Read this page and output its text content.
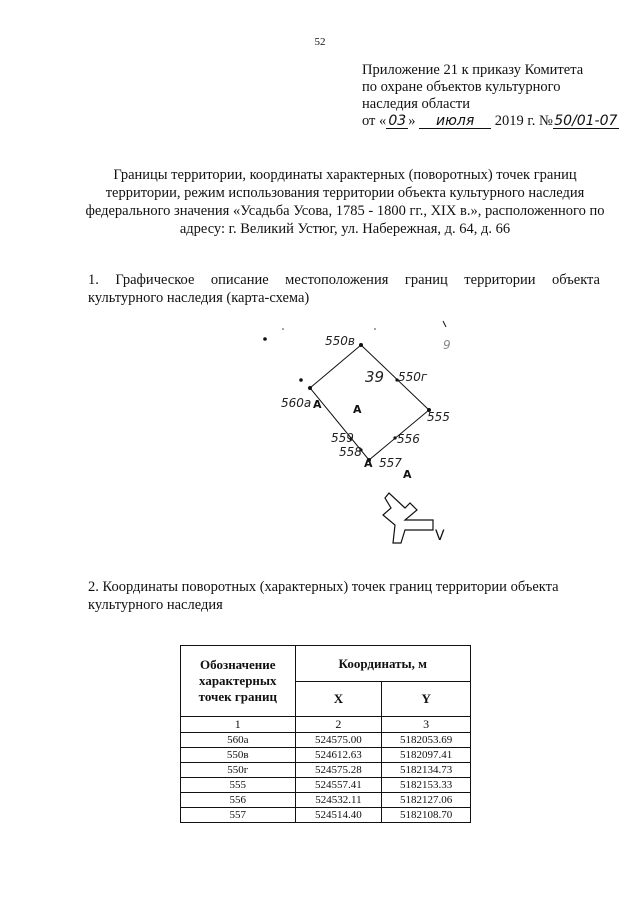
52
Приложение 21 к приказу Комитета
по охране объектов культурного
наследия области
от « 03 » июля 2019 г. №50/01-07
Границы территории, координаты характерных (поворотных) точек границ территории, режим использования территории объекта культурного наследия федерального значения «Усадьба Усова, 1785 - 1800 гг., XIX в.», расположенного по адресу: г. Великий Устюг, ул. Набережная, д. 64, д. 66
1. Графическое описание местоположения границ территории объекта культурного наследия (карта-схема)
550в
550г
560а
555
556
559
558
557
39
9
А	А
А
А
V
2. Координаты поворотных (характерных) точек границ территории объекта культурного наследия
Обозначение характерных точек границ	Координаты, м	
	X	Y
1	2	3
560а	524575.00	5182053.69
550в	524612.63	5182097.41
550г	524575.28	5182134.73
555	524557.41	5182153.33
556	524532.11	5182127.06
557	524514.40	5182108.70
